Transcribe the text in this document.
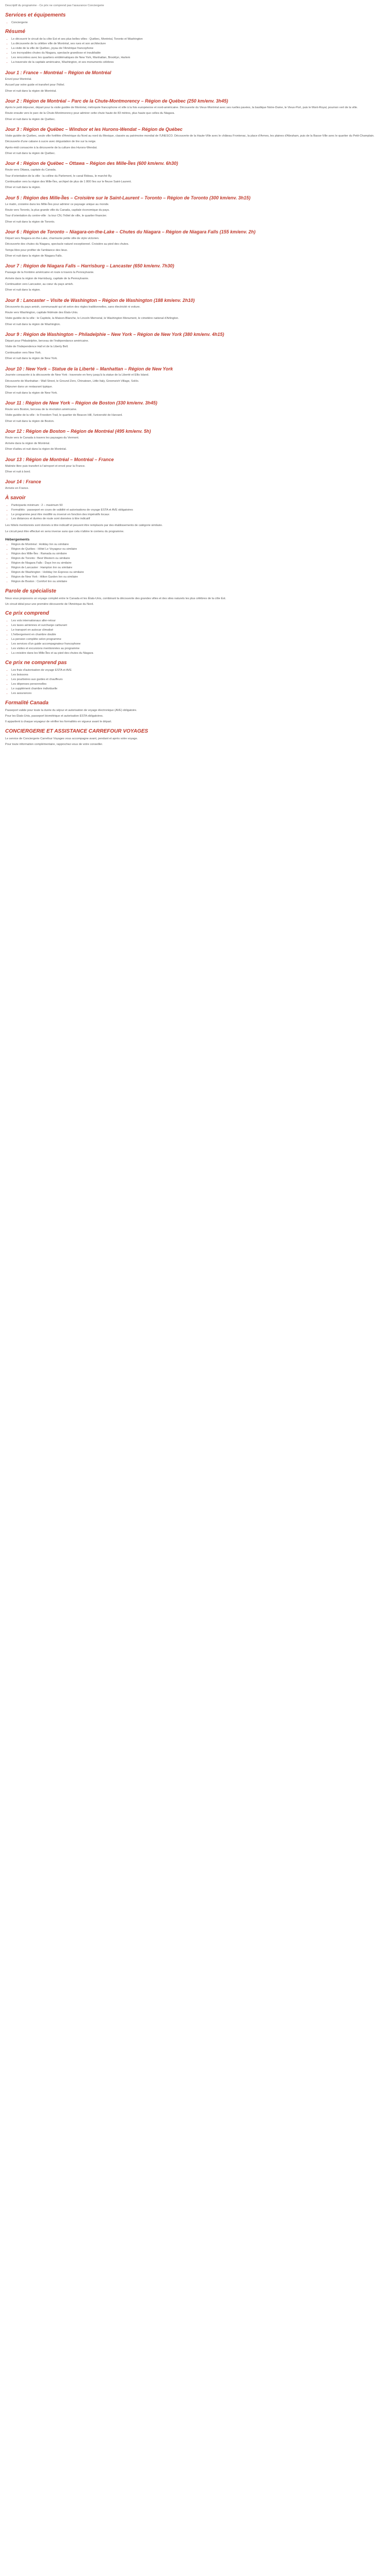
Descriptif du programme - Ce prix ne comprend pas l'assurance Conciergerie

Services et équipements
• Conciergerie
Résumé
• Le découvrir le circuit de la côte Est et ses plus belles villes : Québec, Montréal, Toronto et Washington
• La découverte de la célèbre ville de Montréal, ses rues et son architecture
• La visite de la ville de Québec, joyau de l'Amérique francophone
• Les incroyables chutes du Niagara, spectacle grandiose et inoubliable
• Les rencontres avec les quartiers emblématiques de New York, Manhattan, Brooklyn, Harlem
• La traversée de la capitale américaine, Washington, et ses monuments célèbres
Jour 1 : France – Montréal – Région de Montréal

Envol pour Montréal.

Accueil par votre guide et transfert pour l'hôtel.

Dîner et nuit dans la région de Montréal.

Jour 2 : Région de Montréal – Parc de la Chute-Montmorency – Région de Québec (250 km/env. 3h45)

Après le petit déjeuner, départ pour la visite guidée de Montréal, métropole francophone et ville à la fois européenne et nord-américaine. Découverte du Vieux-Montréal avec ses ruelles pavées, la basilique Notre-Dame, le Vieux-Port, puis le Mont-Royal, poumon vert de la ville.

Route ensuite vers le parc de la Chute-Montmorency pour admirer cette chute haute de 83 mètres, plus haute que celles du Niagara.

Dîner et nuit dans la région de Québec.

Jour 3 : Région de Québec – Windsor et les Hurons-Wendat – Région de Québec

Visite guidée de Québec, seule ville fortifiée d'Amérique du Nord au nord du Mexique, classée au patrimoine mondial de l'UNESCO. Découverte de la Haute-Ville avec le château Frontenac, la place d'Armes, les plaines d'Abraham, puis de la Basse-Ville avec le quartier du Petit-Champlain.

Découverte d'une cabane à sucre avec dégustation de tire sur la neige.

Après-midi consacrée à la découverte de la culture des Hurons-Wendat.

Dîner et nuit dans la région de Québec.

Jour 4 : Région de Québec – Ottawa – Région des Mille-Îles (600 km/env. 6h30)

Route vers Ottawa, capitale du Canada.

Tour d'orientation de la ville : la colline du Parlement, le canal Rideau, le marché By.

Continuation vers la région des Mille-Îles, archipel de plus de 1 800 îles sur le fleuve Saint-Laurent.

Dîner et nuit dans la région.

Jour 5 : Région des Mille-Îles – Croisière sur le Saint-Laurent – Toronto – Région de Toronto (300 km/env. 3h15)

Le matin, croisière dans les Mille-Îles pour admirer ce paysage unique au monde.

Route vers Toronto, la plus grande ville du Canada, capitale économique du pays.

Tour d'orientation du centre-ville : la tour CN, l'hôtel de ville, le quartier financier.

Dîner et nuit dans la région de Toronto.

Jour 6 : Région de Toronto – Niagara-on-the-Lake – Chutes du Niagara – Région de Niagara Falls (155 km/env. 2h)

Départ vers Niagara-on-the-Lake, charmante petite ville de style victorien.

Découverte des chutes du Niagara, spectacle naturel exceptionnel. Croisière au pied des chutes.

Temps libre pour profiter de l'ambiance des lieux.

Dîner et nuit dans la région de Niagara Falls.

Jour 7 : Région de Niagara Falls – Harrisburg – Lancaster (650 km/env. 7h30)

Passage de la frontière américaine et route à travers la Pennsylvanie.

Arrivée dans la région de Harrisburg, capitale de la Pennsylvanie.

Continuation vers Lancaster, au cœur du pays amish.

Dîner et nuit dans la région.

Jour 8 : Lancaster – Visite de Washington – Région de Washington (188 km/env. 2h10)

Découverte du pays amish, communauté qui vit selon des règles traditionnelles, sans électricité ni voiture.

Route vers Washington, capitale fédérale des États-Unis.

Visite guidée de la ville : le Capitole, la Maison-Blanche, le Lincoln Memorial, le Washington Monument, le cimetière national d'Arlington.

Dîner et nuit dans la région de Washington.

Jour 9 : Région de Washington – Philadelphie – New York – Région de New York (380 km/env. 4h15)

Départ pour Philadelphie, berceau de l'indépendance américaine.

Visite de l'Independence Hall et de la Liberty Bell.

Continuation vers New York.

Dîner et nuit dans la région de New York.

Jour 10 : New York – Statue de la Liberté – Manhattan – Région de New York

Journée consacrée à la découverte de New York : traversée en ferry jusqu'à la statue de la Liberté et Ellis Island.

Découverte de Manhattan : Wall Street, le Ground Zero, Chinatown, Little Italy, Greenwich Village, SoHo.

Déjeuner dans un restaurant typique.

Dîner et nuit dans la région de New York.

Jour 11 : Région de New York – Région de Boston (330 km/env. 3h45)

Route vers Boston, berceau de la révolution américaine.

Visite guidée de la ville : le Freedom Trail, le quartier de Beacon Hill, l'université de Harvard.

Dîner et nuit dans la région de Boston.

Jour 12 : Région de Boston – Région de Montréal (495 km/env. 5h)

Route vers le Canada à travers les paysages du Vermont.

Arrivée dans la région de Montréal.

Dîner d'adieu et nuit dans la région de Montréal.

Jour 13 : Région de Montréal – Montréal – France

Matinée libre puis transfert à l'aéroport et envol pour la France.

Dîner et nuit à bord.

Jour 14 : France

Arrivée en France.

À savoir
• Participants minimum : 2 – maximum 50
• Formalités : passeport en cours de validité et autorisations de voyage ESTA et AVE obligatoires
• Le programme peut être modifié ou inversé en fonction des impératifs locaux
• Les distances et durées de route sont données à titre indicatif

Les hôtels mentionnés sont donnés à titre indicatif et peuvent être remplacés par des établissements de catégorie similaire.

Le circuit peut être effectué en sens inverse sans que cela n'altère le contenu du programme.

Hébergements
• Région de Montréal : Holiday Inn ou similaire
• Région de Québec : Hôtel Le Voyageur ou similaire
• Région des Mille-Îles : Ramada ou similaire
• Région de Toronto : Best Western ou similaire
• Région de Niagara Falls : Days Inn ou similaire
• Région de Lancaster : Hampton Inn ou similaire
• Région de Washington : Holiday Inn Express ou similaire
• Région de New York : Hilton Garden Inn ou similaire
• Région de Boston : Comfort Inn ou similaire
Parole de spécialiste

Nous vous proposons un voyage complet entre le Canada et les États-Unis, combinant la découverte des grandes villes et des sites naturels les plus célèbres de la côte Est.

Un circuit idéal pour une première découverte de l'Amérique du Nord.

Ce prix comprend
• Les vols internationaux aller-retour
• Les taxes aériennes et surcharge carburant
• Le transport en autocar climatisé
• L'hébergement en chambre double
• La pension complète selon programme
• Les services d'un guide accompagnateur francophone
• Les visites et excursions mentionnées au programme
• La croisière dans les Mille-Îles et au pied des chutes du Niagara
Ce prix ne comprend pas
• Les frais d'autorisation de voyage ESTA et AVE
• Les boissons
• Les pourboires aux guides et chauffeurs
• Les dépenses personnelles
• Le supplément chambre individuelle
• Les assurances
Formalité Canada

Passeport valide pour toute la durée du séjour et autorisation de voyage électronique (AVE) obligatoire.

Pour les États-Unis, passeport biométrique et autorisation ESTA obligatoires.

Il appartient à chaque voyageur de vérifier les formalités en vigueur avant le départ.

CONCIERGERIE ET ASSISTANCE CARREFOUR VOYAGES

Le service de Conciergerie Carrefour Voyages vous accompagne avant, pendant et après votre voyage.

Pour toute information complémentaire, rapprochez-vous de votre conseiller.
